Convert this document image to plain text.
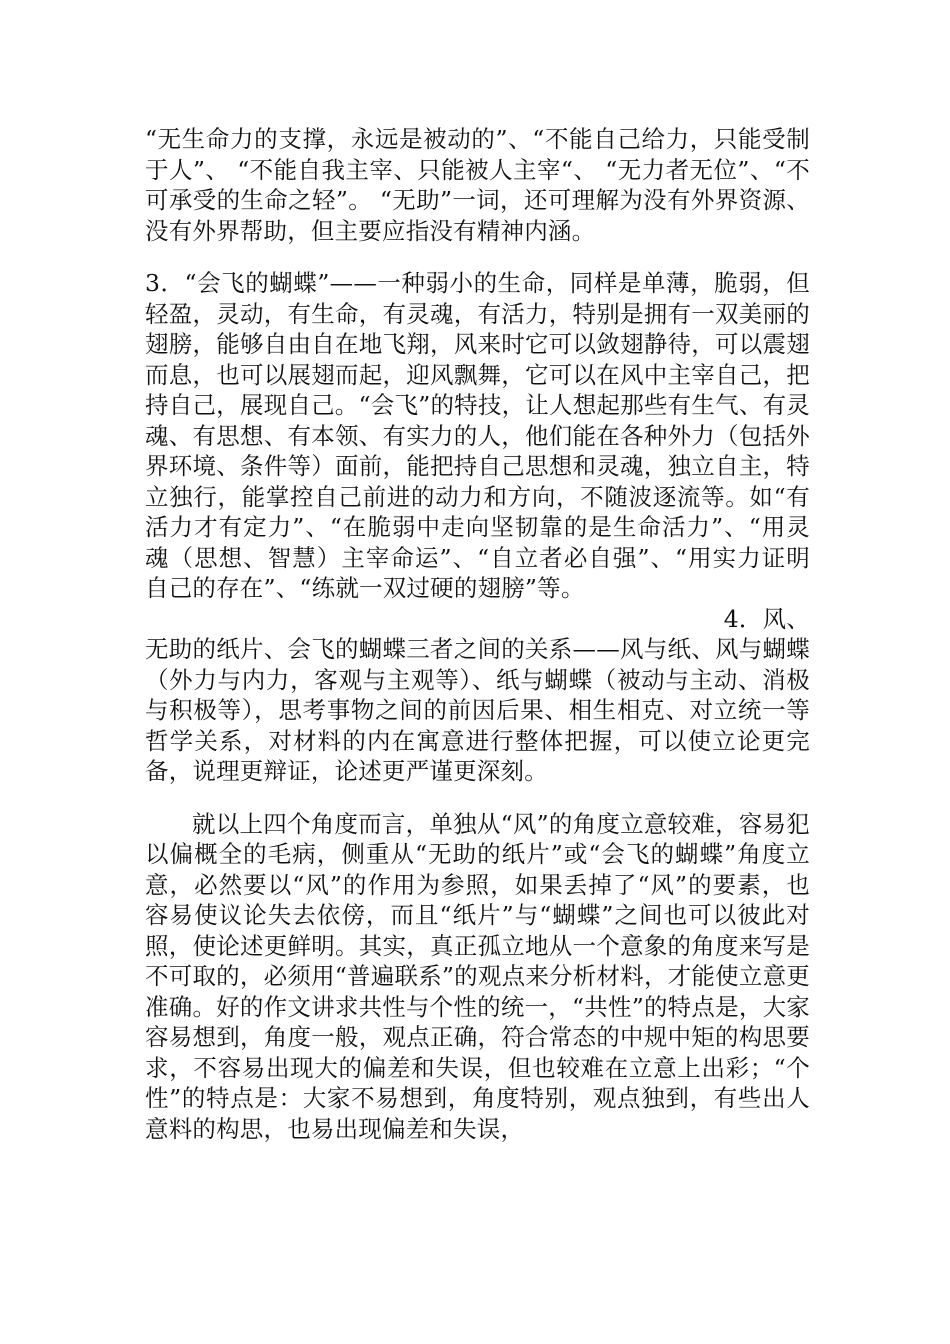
“无生命力的支撑，永远是被动的”、“不能自己给力，只能受制于人”、 “不能自我主宰、只能被人主宰“、 “无力者无位”、“不可承受的生命之轻”。 “无助”一词，还可理解为没有外界资源、没有外界帮助，但主要应指没有精神内涵。

3．“会飞的蝴蝶”——一种弱小的生命，同样是单薄，脆弱，但轻盈，灵动，有生命，有灵魂，有活力，特别是拥有一双美丽的翅膀，能够自由自在地飞翔，风来时它可以敛翅静待，可以震翅而息，也可以展翅而起，迎风飘舞，它可以在风中主宰自己，把持自己，展现自己。“会飞”的特技，让人想起那些有生气、有灵魂、有思想、有本领、有实力的人，他们能在各种外力（包括外界环境、条件等）面前，能把持自己思想和灵魂，独立自主，特立独行，能掌控自己前进的动力和方向，不随波逐流等。如“有活力才有定力”、“在脆弱中走向坚韧靠的是生命活力”、“用灵魂（思想、智慧）主宰命运”、“自立者必自强”、“用实力证明自己的存在”、“练就一双过硬的翅膀”等。

4．风、

无助的纸片、会飞的蝴蝶三者之间的关系——风与纸、风与蝴蝶（外力与内力，客观与主观等）、纸与蝴蝶（被动与主动、消极与积极等），思考事物之间的前因后果、相生相克、对立统一等哲学关系，对材料的内在寓意进行整体把握，可以使立论更完备，说理更辩证，论述更严谨更深刻。

就以上四个角度而言，单独从“风”的角度立意较难，容易犯以偏概全的毛病，侧重从“无助的纸片”或“会飞的蝴蝶”角度立意，必然要以“风”的作用为参照，如果丢掉了“风”的要素，也容易使议论失去依傍，而且“纸片”与“蝴蝶”之间也可以彼此对照，使论述更鲜明。其实，真正孤立地从一个意象的角度来写是不可取的，必须用“普遍联系”的观点来分析材料，才能使立意更准确。好的作文讲求共性与个性的统一，“共性”的特点是，大家容易想到，角度一般，观点正确，符合常态的中规中矩的构思要求，不容易出现大的偏差和失误，但也较难在立意上出彩；“个性”的特点是：大家不易想到，角度特别，观点独到，有些出人意料的构思，也易出现偏差和失误，
